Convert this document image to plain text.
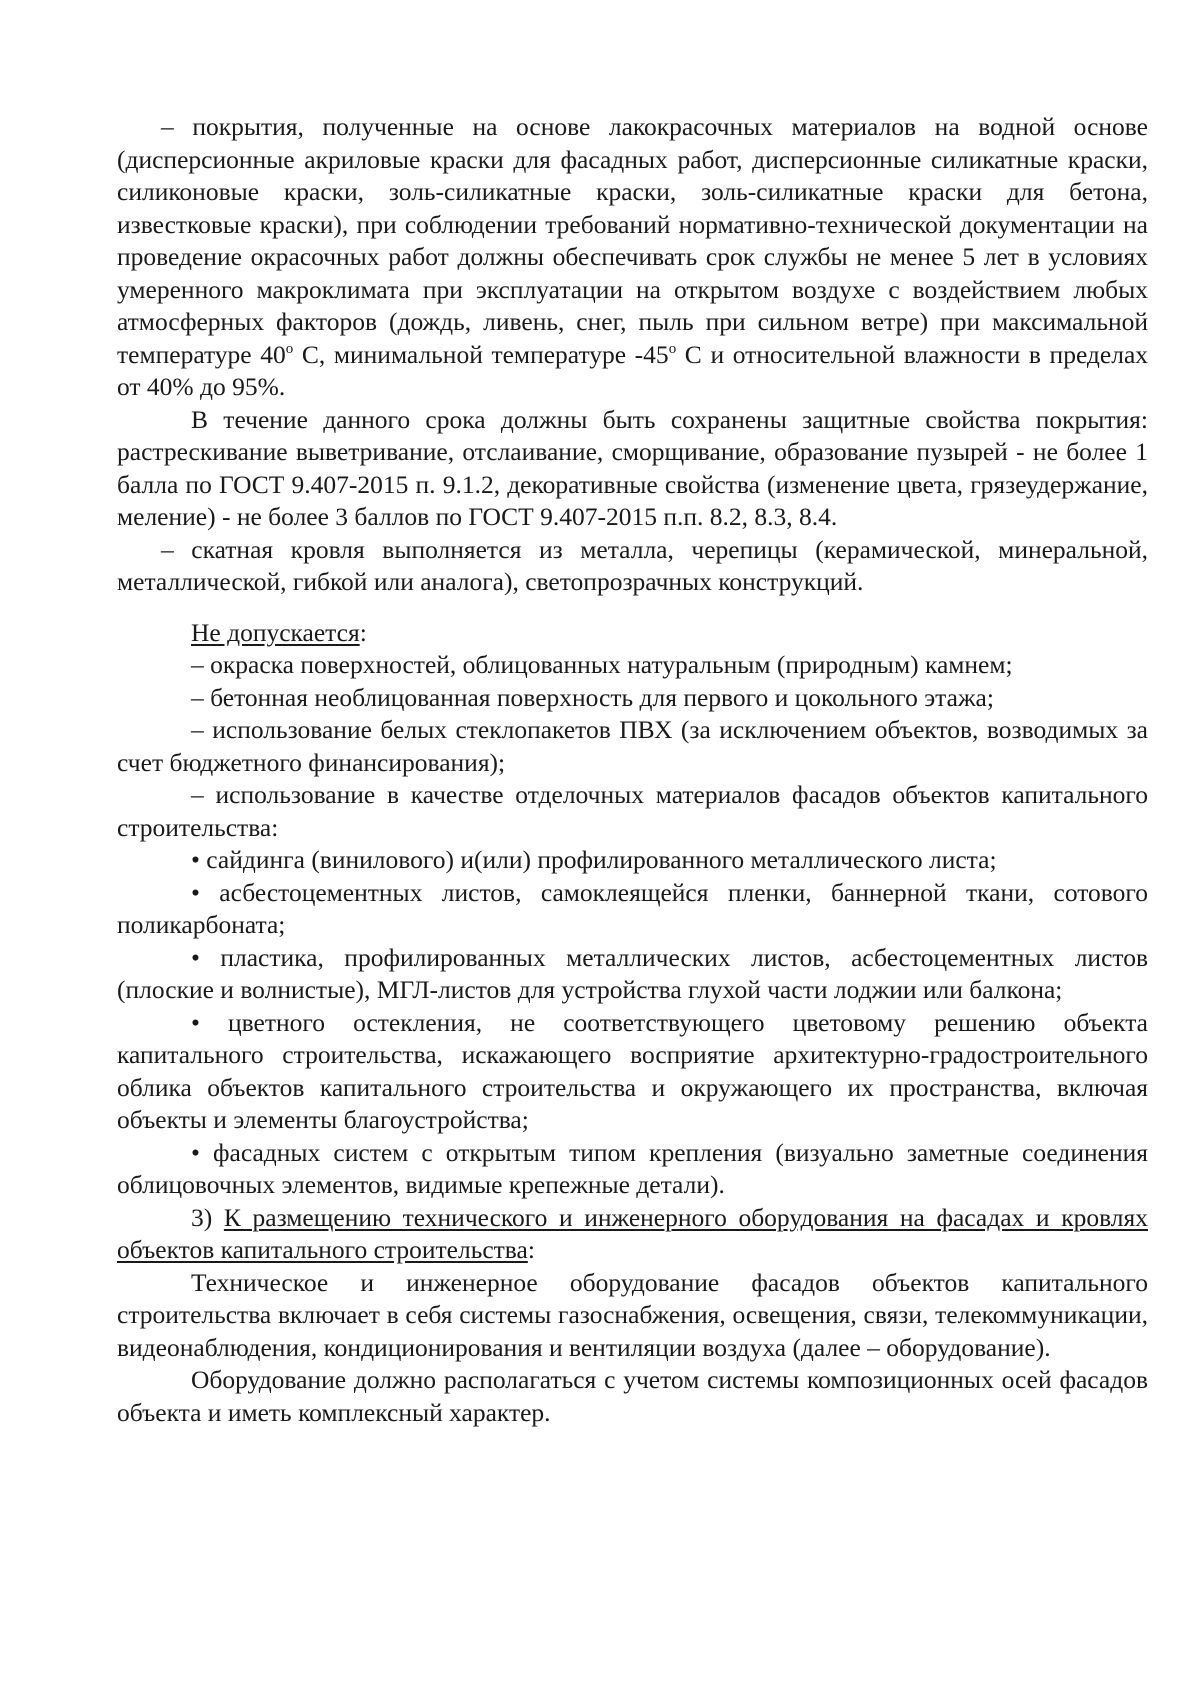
– покрытия, полученные на основе лакокрасочных материалов на водной основе (дисперсионные акриловые краски для фасадных работ, дисперсионные силикатные краски, силиконовые краски, золь-силикатные краски, золь-силикатные краски для бетона, известковые краски), при соблюдении требований нормативно-технической документации на проведение окрасочных работ должны обеспечивать срок службы не менее 5 лет в условиях умеренного макроклимата при эксплуатации на открытом воздухе с воздействием любых атмосферных факторов (дождь, ливень, снег, пыль при сильном ветре) при максимальной температуре 40$^o$ С, минимальной температуре -45$^o$ С и относительной влажности в пределах от 40% до 95%.

В течение данного срока должны быть сохранены защитные свойства покрытия: растрескивание выветривание, отслаивание, сморщивание, образование пузырей - не более 1 балла по ГОСТ 9.407-2015 п. 9.1.2, декоративные свойства (изменение цвета, грязеудержание, меление) - не более 3 баллов по ГОСТ 9.407-2015 п.п. 8.2, 8.3, 8.4.

– скатная кровля выполняется из металла, черепицы (керамической, минеральной, металлической, гибкой или аналога), светопрозрачных конструкций.

Не допускается:

– окраска поверхностей, облицованных натуральным (природным) камнем;

– бетонная необлицованная поверхность для первого и цокольного этажа;

– использование белых стеклопакетов ПВХ (за исключением объектов, возводимых за счет бюджетного финансирования);

– использование в качестве отделочных материалов фасадов объектов капитального строительства:

• сайдинга (винилового) и(или) профилированного металлического листа;

• асбестоцементных листов, самоклеящейся пленки, баннерной ткани, сотового поликарбоната;

• пластика, профилированных металлических листов, асбестоцементных листов (плоские и волнистые), МГЛ-листов для устройства глухой части лоджии или балкона;

• цветного остекления, не соответствующего цветовому решению объекта капитального строительства, искажающего восприятие архитектурно-градостроительного облика объектов капитального строительства и окружающего их пространства, включая объекты и элементы благоустройства;

• фасадных систем с открытым типом крепления (визуально заметные соединения облицовочных элементов, видимые крепежные детали).

3) К размещению технического и инженерного оборудования на фасадах и кровлях объектов капитального строительства:

Техническое и инженерное оборудование фасадов объектов капитального строительства включает в себя системы газоснабжения, освещения, связи, телекоммуникации, видеонаблюдения, кондиционирования и вентиляции воздуха (далее – оборудование).

Оборудование должно располагаться с учетом системы композиционных осей фасадов объекта и иметь комплексный характер.
